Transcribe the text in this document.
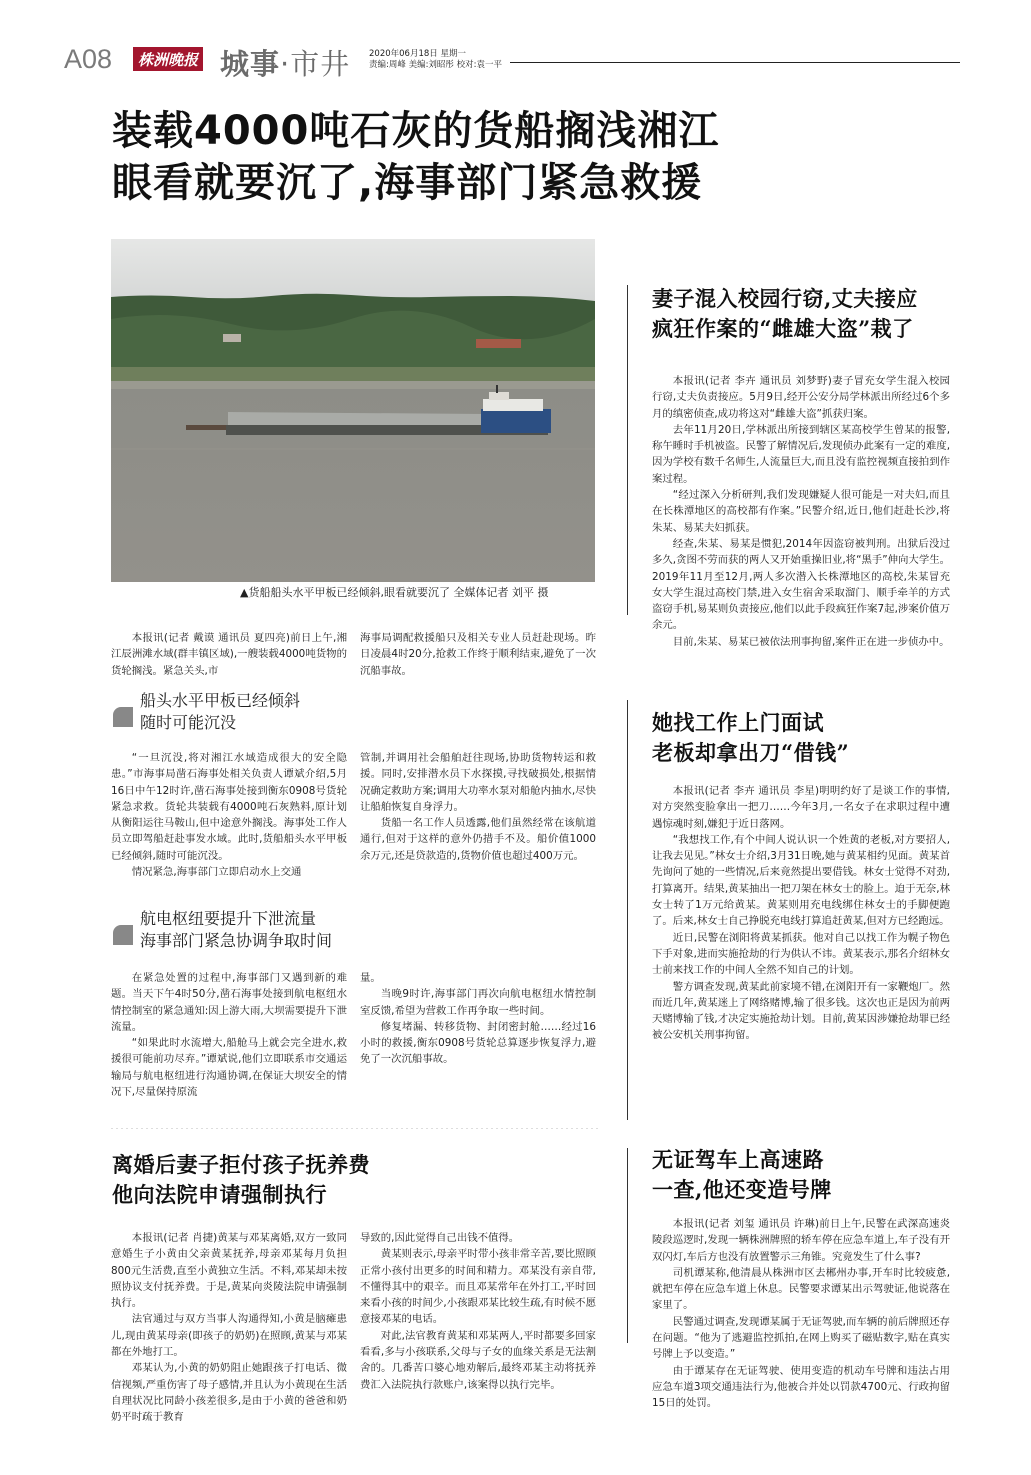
A08	株洲晚报 城事·市井 2020年06月18日 星期一
责编:周峰 美编:刘昭彤 校对:袁一平
装载4000吨石灰的货船搁浅湘江
眼看就要沉了,海事部门紧急救援
▲货船船头水平甲板已经倾斜,眼看就要沉了 全媒体记者 刘平 摄

本报讯(记者 戴谟 通讯员 夏四亮)前日上午,湘江辰洲滩水域(群丰镇区域),一艘装载4000吨货物的货轮搁浅。紧急关头,市

海事局调配救援船只及相关专业人员赶赴现场。昨日凌晨4时20分,抢救工作终于顺利结束,避免了一次沉船事故。

船头水平甲板已经倾斜
随时可能沉没

“一旦沉没,将对湘江水域造成很大的安全隐患。”市海事局凿石海事处相关负责人谭斌介绍,5月16日中午12时许,凿石海事处接到衡东0908号货轮紧急求救。货轮共装载有4000吨石灰熟料,原计划从衡阳运往马鞍山,但中途意外搁浅。海事处工作人员立即驾船赶赴事发水域。此时,货船船头水平甲板已经倾斜,随时可能沉没。

情况紧急,海事部门立即启动水上交通

管制,并调用社会船舶赶往现场,协助货物转运和救援。同时,安排潜水员下水探摸,寻找破损处,根据情况确定救助方案;调用大功率水泵对船舱内抽水,尽快让船舶恢复自身浮力。

货船一名工作人员透露,他们虽然经常在该航道通行,但对于这样的意外仍措手不及。船价值1000余万元,还是贷款造的,货物价值也超过400万元。

航电枢纽要提升下泄流量
海事部门紧急协调争取时间

在紧急处置的过程中,海事部门又遇到新的难题。当天下午4时50分,凿石海事处接到航电枢纽水情控制室的紧急通知:因上游大雨,大坝需要提升下泄流量。

“如果此时水流增大,船舱马上就会完全进水,救援很可能前功尽弃。”谭斌说,他们立即联系市交通运输局与航电枢纽进行沟通协调,在保证大坝安全的情况下,尽量保持原流

量。

当晚9时许,海事部门再次向航电枢纽水情控制室反馈,希望为营救工作再争取一些时间。

修复堵漏、转移货物、封闭密封舱……经过16小时的救援,衡东0908号货轮总算逐步恢复浮力,避免了一次沉船事故。

离婚后妻子拒付孩子抚养费
他向法院申请强制执行

本报讯(记者 肖捷)黄某与邓某离婚,双方一致同意婚生子小黄由父亲黄某抚养,母亲邓某每月负担800元生活费,直至小黄独立生活。不料,邓某却未按照协议支付抚养费。于是,黄某向炎陵法院申请强制执行。

法官通过与双方当事人沟通得知,小黄是脑瘫患儿,现由黄某母亲(即孩子的奶奶)在照顾,黄某与邓某都在外地打工。

邓某认为,小黄的奶奶阻止她跟孩子打电话、微信视频,严重伤害了母子感情,并且认为小黄现在生活自理状况比同龄小孩差很多,是由于小黄的爸爸和奶奶平时疏于教育

导致的,因此觉得自己出钱不值得。

黄某则表示,母亲平时带小孩非常辛苦,要比照顾正常小孩付出更多的时间和精力。邓某没有亲自带,不懂得其中的艰辛。而且邓某常年在外打工,平时回来看小孩的时间少,小孩跟邓某比较生疏,有时候不愿意接邓某的电话。

对此,法官教育黄某和邓某两人,平时都要多回家看看,多与小孩联系,父母与子女的血缘关系是无法割舍的。几番苦口婆心地劝解后,最终邓某主动将抚养费汇入法院执行款账户,该案得以执行完毕。

妻子混入校园行窃,丈夫接应
疯狂作案的“雌雄大盗”栽了

本报讯(记者 李卉 通讯员 刘梦野)妻子冒充女学生混入校园行窃,丈夫负责接应。5月9日,经开公安分局学林派出所经过6个多月的缜密侦查,成功将这对“雌雄大盗”抓获归案。

去年11月20日,学林派出所接到辖区某高校学生曾某的报警,称午睡时手机被盗。民警了解情况后,发现侦办此案有一定的难度,因为学校有数千名师生,人流量巨大,而且没有监控视频直接拍到作案过程。

“经过深入分析研判,我们发现嫌疑人很可能是一对夫妇,而且在长株潭地区的高校都有作案。”民警介绍,近日,他们赶赴长沙,将朱某、易某夫妇抓获。

经查,朱某、易某是惯犯,2014年因盗窃被判刑。出狱后没过多久,贪图不劳而获的两人又开始重操旧业,将“黑手”伸向大学生。2019年11月至12月,两人多次潜入长株潭地区的高校,朱某冒充女大学生混过高校门禁,进入女生宿舍采取溜门、顺手牵羊的方式盗窃手机,易某则负责接应,他们以此手段疯狂作案7起,涉案价值万余元。

目前,朱某、易某已被依法刑事拘留,案件正在进一步侦办中。

她找工作上门面试
老板却拿出刀“借钱”

本报讯(记者 李卉 通讯员 李星)明明约好了是谈工作的事情,对方突然变脸拿出一把刀……今年3月,一名女子在求职过程中遭遇惊魂时刻,嫌犯于近日落网。

“我想找工作,有个中间人说认识一个姓黄的老板,对方要招人,让我去见见。”林女士介绍,3月31日晚,她与黄某相约见面。黄某首先询问了她的一些情况,后来竟然提出要借钱。林女士觉得不对劲,打算离开。结果,黄某抽出一把刀架在林女士的脸上。迫于无奈,林女士转了1万元给黄某。黄某则用充电线绑住林女士的手脚便跑了。后来,林女士自己挣脱充电线打算追赶黄某,但对方已经跑远。

近日,民警在浏阳将黄某抓获。他对自己以找工作为幌子物色下手对象,进而实施抢劫的行为供认不讳。黄某表示,那名介绍林女士前来找工作的中间人全然不知自己的计划。

警方调查发现,黄某此前家境不错,在浏阳开有一家鞭炮厂。然而近几年,黄某迷上了网络赌博,输了很多钱。这次也正是因为前两天赌博输了钱,才决定实施抢劫计划。目前,黄某因涉嫌抢劫罪已经被公安机关刑事拘留。

无证驾车上高速路
一查,他还变造号牌

本报讯(记者 刘玺 通讯员 许琳)前日上午,民警在武深高速炎陵段巡逻时,发现一辆株洲牌照的轿车停在应急车道上,车子没有开双闪灯,车后方也没有放置警示三角锥。究竟发生了什么事?

司机谭某称,他清晨从株洲市区去郴州办事,开车时比较疲惫,就把车停在应急车道上休息。民警要求谭某出示驾驶证,他说落在家里了。

民警通过调查,发现谭某属于无证驾驶,而车辆的前后牌照还存在问题。“他为了逃避监控抓拍,在网上购买了磁贴数字,贴在真实号牌上予以变造。”

由于谭某存在无证驾驶、使用变造的机动车号牌和违法占用应急车道3项交通违法行为,他被合并处以罚款4700元、行政拘留15日的处罚。
